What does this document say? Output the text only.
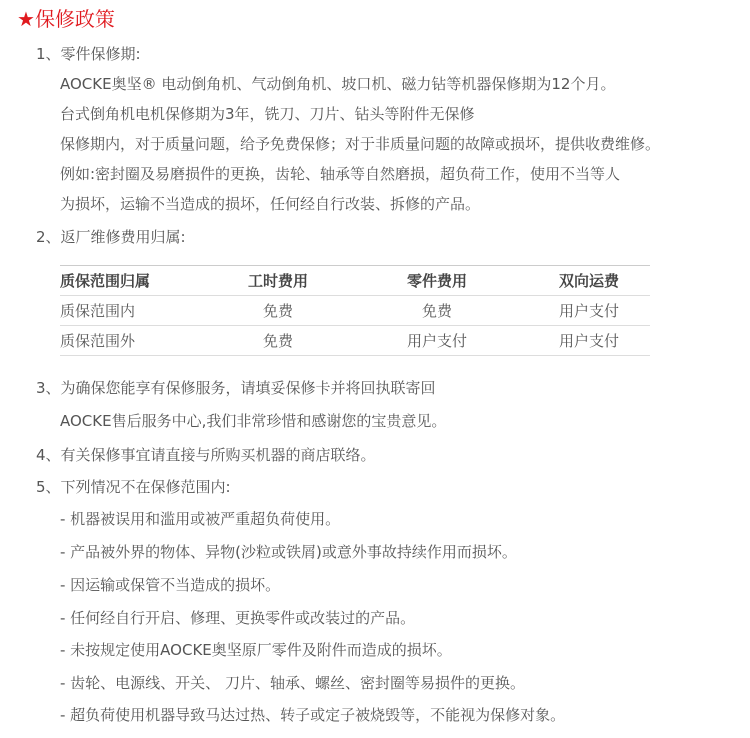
★保修政策
1、零件保修期:
AOCKE奥坚® 电动倒角机、气动倒角机、坡口机、磁力钻等机器保修期为12个月。
台式倒角机电机保修期为3年，铣刀、刀片、钻头等附件无保修
保修期内，对于质量问题，给予免费保修；对于非质量问题的故障或损坏，提供收费维修。
例如:密封圈及易磨损件的更换，齿轮、轴承等自然磨损，超负荷工作，使用不当等人
为损坏，运输不当造成的损坏，任何经自行改装、拆修的产品。
2、返厂维修费用归属:
质保范围归属	工时费用	零件费用	双向运费
质保范围内	免费	免费	用户支付
质保范围外	免费	用户支付	用户支付
3、为确保您能享有保修服务，请填妥保修卡并将回执联寄回
AOCKE售后服务中心,我们非常珍惜和感谢您的宝贵意见。
4、有关保修事宜请直接与所购买机器的商店联络。
5、下列情况不在保修范围内:
- 机器被误用和滥用或被严重超负荷使用。
- 产品被外界的物体、异物(沙粒或铁屑)或意外事故持续作用而损坏。
- 因运输或保管不当造成的损坏。
- 任何经自行开启、修理、更换零件或改装过的产品。
- 未按规定使用AOCKE奥坚原厂零件及附件而造成的损坏。
- 齿轮、电源线、开关、 刀片、轴承、螺丝、密封圈等易损件的更换。
- 超负荷使用机器导致马达过热、转子或定子被烧毁等，不能视为保修对象。
